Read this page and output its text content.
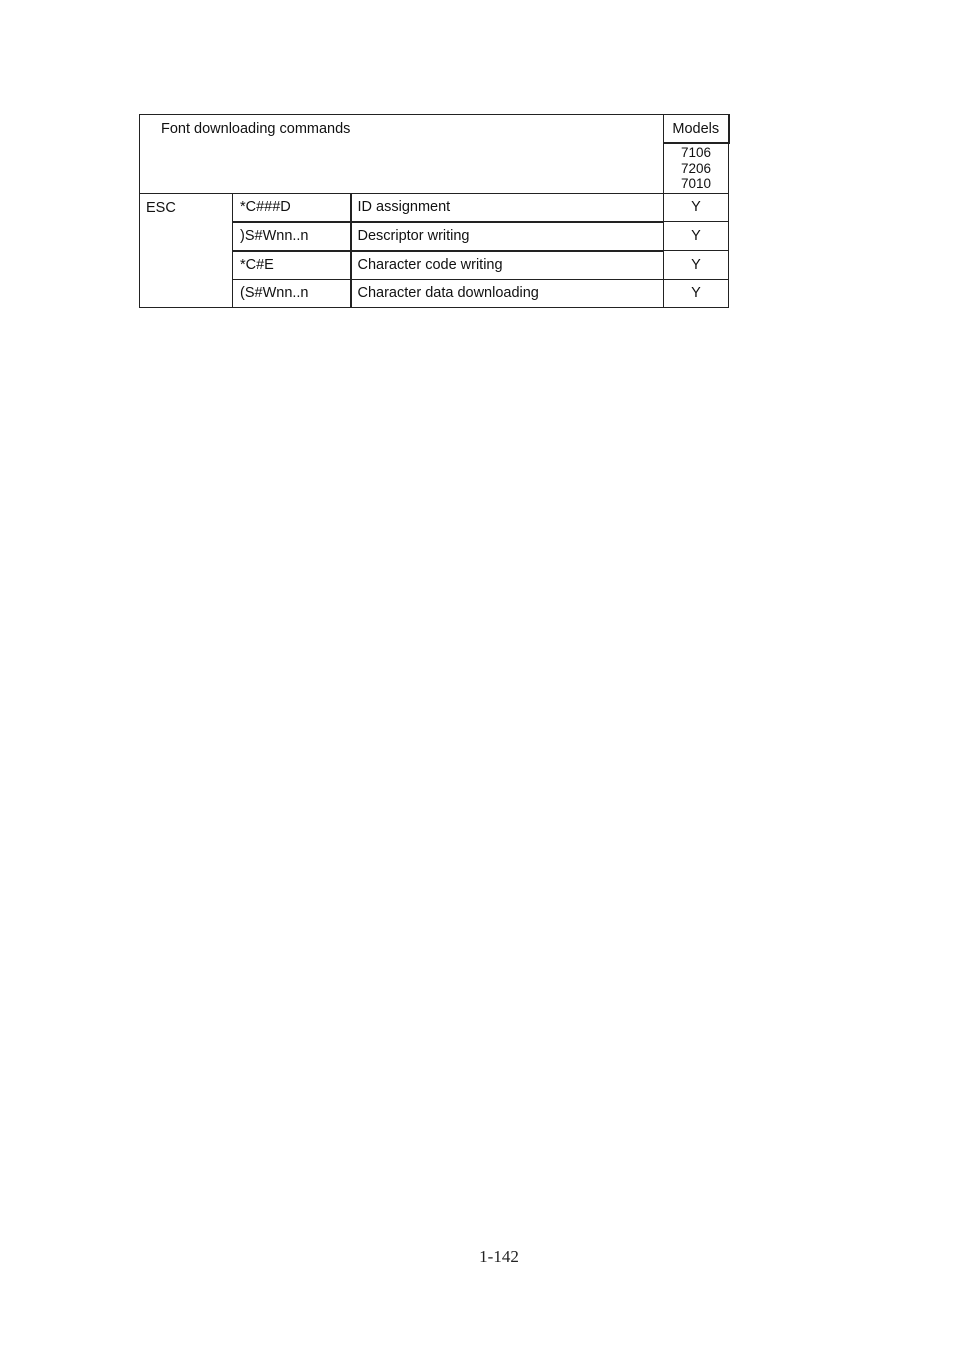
Font downloading commands			Models

			7106
7206
7010

ESC	*C###D	ID assignment	Y
	)S#Wnn..n	Descriptor writing	Y
	*C#E	Character code writing	Y
	(S#Wnn..n	Character data downloading	Y
1-142
